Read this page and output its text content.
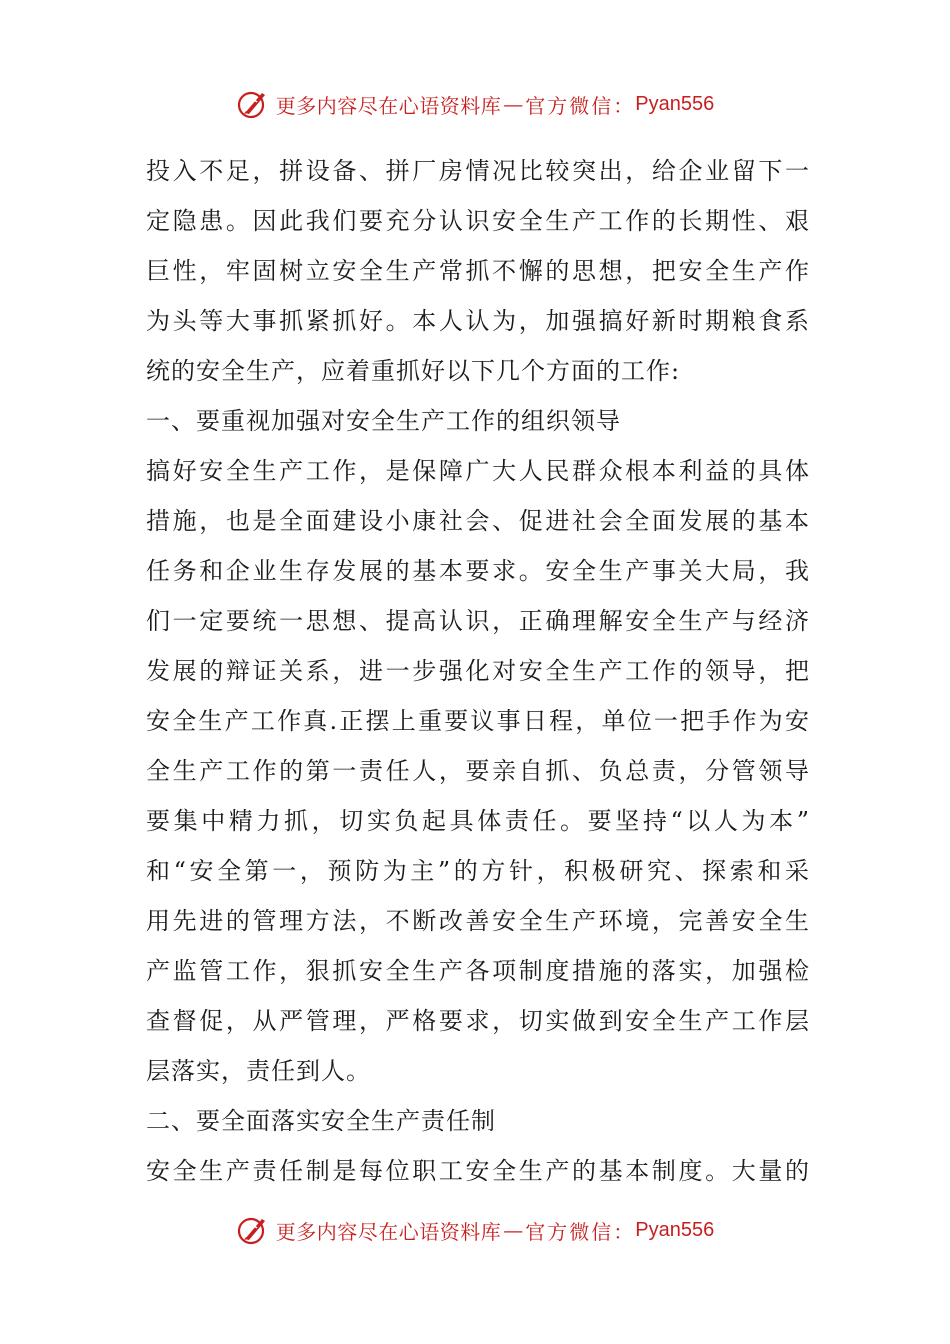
更多内容尽在心语资料库 — 官方微信： Pyan556
投入不足，拼设备、拼厂房情况比较突出，给企业留下一
定隐患。因此我们要充分认识安全生产工作的长期性、艰
巨性，牢固树立安全生产常抓不懈的思想，把安全生产作
为头等大事抓紧抓好。本人认为，加强搞好新时期粮食系
统的安全生产，应着重抓好以下几个方面的工作:
一、要重视加强对安全生产工作的组织领导
搞好安全生产工作，是保障广大人民群众根本利益的具体
措施，也是全面建设小康社会、促进社会全面发展的基本
任务和企业生存发展的基本要求。安全生产事关大局，我
们一定要统一思想、提高认识，正确理解安全生产与经济
发展的辩证关系，进一步强化对安全生产工作的领导，把
安全生产工作真.正摆上重要议事日程，单位一把手作为安
全生产工作的第一责任人，要亲自抓、负总责，分管领导
要集中精力抓，切实负起具体责任。要坚持“以人为本”
和“安全第一，预防为主”的方针，积极研究、探索和采
用先进的管理方法，不断改善安全生产环境，完善安全生
产监管工作，狠抓安全生产各项制度措施的落实，加强检
查督促，从严管理，严格要求，切实做到安全生产工作层
层落实，责任到人。
二、要全面落实安全生产责任制
安全生产责任制是每位职工安全生产的基本制度。大量的
更多内容尽在心语资料库 — 官方微信： Pyan556
